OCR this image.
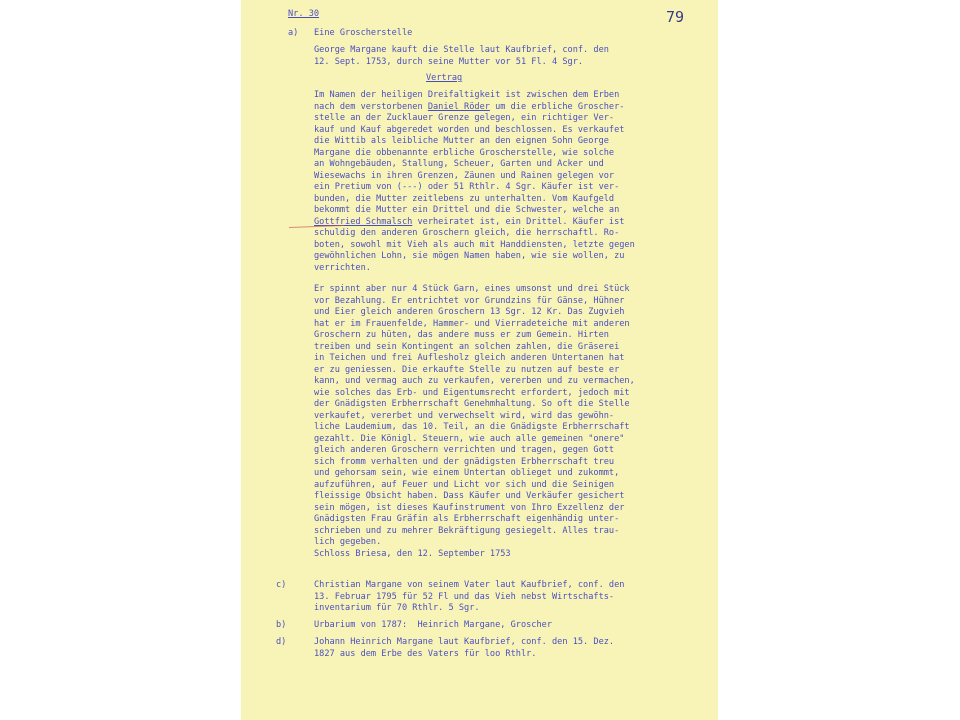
Nr. 30	79
a) Eine Groscherstelle
George Margane kauft die Stelle laut Kaufbrief, conf. den
12. Sept. 1753, durch seine Mutter vor 51 Fl. 4 Sgr.
Vertrag
Im Namen der heiligen Dreifaltigkeit ist zwischen dem Erben
nach dem verstorbenen Daniel Röder um die erbliche Groscher-
stelle an der Zucklauer Grenze gelegen, ein richtiger Ver-
kauf und Kauf abgeredet worden und beschlossen. Es verkaufet
die Wittib als leibliche Mutter an den eignen Sohn George
Margane die obbenannte erbliche Groscherstelle, wie solche
an Wohngebäuden, Stallung, Scheuer, Garten und Acker und
Wiesewachs in ihren Grenzen, Zäunen und Rainen gelegen vor
ein Pretium von (---) oder 51 Rthlr. 4 Sgr. Käufer ist ver-
bunden, die Mutter zeitlebens zu unterhalten. Vom Kaufgeld
bekommt die Mutter ein Drittel und die Schwester, welche an
Gottfried Schmalsch verheiratet ist, ein Drittel. Käufer ist
schuldig den anderen Groschern gleich, die herrschaftl. Ro-
boten, sowohl mit Vieh als auch mit Handdiensten, letzte gegen
gewöhnlichen Lohn, sie mögen Namen haben, wie sie wollen, zu
verrichten.
Er spinnt aber nur 4 Stück Garn, eines umsonst und drei Stück
vor Bezahlung. Er entrichtet vor Grundzins für Gänse, Hühner
und Eier gleich anderen Groschern 13 Sgr. 12 Kr. Das Zugvieh
hat er im Frauenfelde, Hammer- und Vierradeteiche mit anderen
Groschern zu hüten, das andere muss er zum Gemein. Hirten
treiben und sein Kontingent an solchen zahlen, die Gräserei
in Teichen und frei Auflesholz gleich anderen Untertanen hat
er zu geniessen. Die erkaufte Stelle zu nutzen auf beste er
kann, und vermag auch zu verkaufen, vererben und zu vermachen,
wie solches das Erb- und Eigentumsrecht erfordert, jedoch mit
der Gnädigsten Erbherrschaft Genehmhaltung. So oft die Stelle
verkaufet, vererbet und verwechselt wird, wird das gewöhn-
liche Laudemium, das 10. Teil, an die Gnädigste Erbherrschaft
gezahlt. Die Königl. Steuern, wie auch alle gemeinen "onere"
gleich anderen Groschern verrichten und tragen, gegen Gott
sich fromm verhalten und der gnädigsten Erbherrschaft treu
und gehorsam sein, wie einem Untertan oblieget und zukommt,
aufzuführen, auf Feuer und Licht vor sich und die Seinigen
fleissige Obsicht haben. Dass Käufer und Verkäufer gesichert
sein mögen, ist dieses Kaufinstrument von Ihro Exzellenz der
Gnädigsten Frau Gräfin als Erbherrschaft eigenhändig unter-
schrieben und zu mehrer Bekräftigung gesiegelt. Alles trau-
lich gegeben.
Schloss Briesa, den 12. September 1753
c)	Christian Margane von seinem Vater laut Kaufbrief, conf. den
13. Februar 1795 für 52 Fl und das Vieh nebst Wirtschafts-
inventarium für 70 Rthlr. 5 Sgr.
b)	Urbarium von 1787:  Heinrich Margane, Groscher
d)	Johann Heinrich Margane laut Kaufbrief, conf. den 15. Dez.
1827 aus dem Erbe des Vaters für loo Rthlr.
